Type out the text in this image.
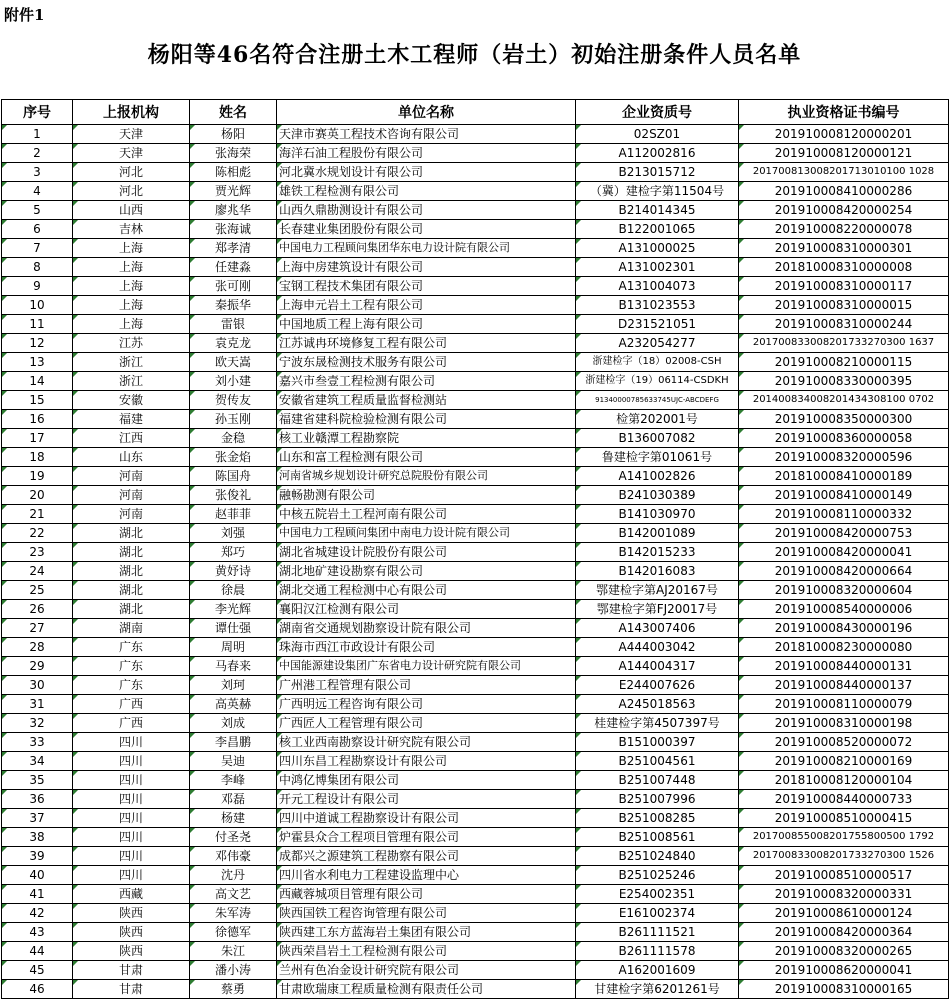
附件1
杨阳等46名符合注册土木工程师（岩土）初始注册条件人员名单
序号	上报机构	姓名	单位名称	企业资质号	执业资格证书编号
1	天津	杨阳	天津市赛英工程技术咨询有限公司	02SZ01	201910008120000201
2	天津	张海荣	海洋石油工程股份有限公司	A112002816	201910008120000121
3	河北	陈相彪	河北冀水规划设计有限公司	B213015712	201700813008201713010100 1028
4	河北	贾光辉	雄铁工程检测有限公司	（冀）建检字第11504号	201910008410000286
5	山西	廖兆华	山西久鼎勘测设计有限公司	B214014345	201910008420000254
6	吉林	张海诚	长春建业集团股份有限公司	B122001065	201910008220000078
7	上海	郑孝清	中国电力工程顾问集团华东电力设计院有限公司	A131000025	201910008310000301
8	上海	任建淼	上海中房建筑设计有限公司	A131002301	201810008310000008
9	上海	张可刚	宝钢工程技术集团有限公司	A131004073	201910008310000117
10	上海	秦振华	上海申元岩土工程有限公司	B131023553	201910008310000015
11	上海	雷银	中国地质工程上海有限公司	D231521051	201910008310000244
12	江苏	袁克龙	江苏诚冉环境修复工程有限公司	A232054277	201700833008201733270300 1637
13	浙江	欧天嵩	宁波东晟检测技术服务有限公司	浙建检字（18）02008-CSH	201910008210000115
14	浙江	刘小建	嘉兴市叁壹工程检测有限公司	浙建检字（19）06114-CSDKH	201910008330000395
15	安徽	贺传友	安徽省建筑工程质量监督检测站	91340000785633745UJC-ABCDEFG	201400834008201434308100 0702
16	福建	孙玉刚	福建省建科院检验检测有限公司	检第202001号	201910008350000300
17	江西	金稳	核工业赣潭工程勘察院	B136007082	201910008360000058
18	山东	张金焰	山东和富工程检测有限公司	鲁建检字第01061号	201910008320000596
19	河南	陈国舟	河南省城乡规划设计研究总院股份有限公司	A141002826	201810008410000189
20	河南	张俊礼	融畅勘测有限公司	B241030389	201910008410000149
21	河南	赵菲菲	中核五院岩土工程河南有限公司	B141030970	201910008110000332
22	湖北	刘强	中国电力工程顾问集团中南电力设计院有限公司	B142001089	201910008420000753
23	湖北	郑巧	湖北省城建设计院股份有限公司	B142015233	201910008420000041
24	湖北	黄妤诗	湖北地矿建设勘察有限公司	B142016083	201910008420000664
25	湖北	徐晨	湖北交通工程检测中心有限公司	鄂建检字第AJ20167号	201910008320000604
26	湖北	李光辉	襄阳汉江检测有限公司	鄂建检字第FJ20017号	201910008540000006
27	湖南	谭仕强	湖南省交通规划勘察设计院有限公司	A143007406	201910008430000196
28	广东	周明	珠海市西江市政设计有限公司	A444003042	201810008230000080
29	广东	马春来	中国能源建设集团广东省电力设计研究院有限公司	A144004317	201910008440000131
30	广东	刘珂	广州港工程管理有限公司	E244007626	201910008440000137
31	广西	高英赫	广西明远工程咨询有限公司	A245018563	201910008110000079
32	广西	刘成	广西匠人工程管理有限公司	桂建检字第4507397号	201910008310000198
33	四川	李昌鹏	核工业西南勘察设计研究院有限公司	B151000397	201910008520000072
34	四川	吴迪	四川东昌工程勘察设计有限公司	B251004561	201910008210000169
35	四川	李峰	中鸿亿博集团有限公司	B251007448	201810008120000104
36	四川	邓磊	开元工程设计有限公司	B251007996	201910008440000733
37	四川	杨建	四川中道诚工程勘察设计有限公司	B251008285	201910008510000415
38	四川	付圣尧	炉霍县众合工程项目管理有限公司	B251008561	201700855008201755800500 1792
39	四川	邓伟豪	成都兴之源建筑工程勘察有限公司	B251024840	201700833008201733270300 1526
40	四川	沈丹	四川省水利电力工程建设监理中心	B251025246	201910008510000517
41	西藏	高文艺	西藏蓉城项目管理有限公司	E254002351	201910008320000331
42	陕西	朱军涛	陕西国铁工程咨询管理有限公司	E161002374	201910008610000124
43	陕西	徐德军	陕西建工东方蓝海岩土集团有限公司	B261111521	201910008420000364
44	陕西	朱江	陕西荣昌岩土工程检测有限公司	B261111578	201910008320000265
45	甘肃	潘小涛	兰州有色冶金设计研究院有限公司	A162001609	201910008620000041
46	甘肃	蔡勇	甘肃欧瑞康工程质量检测有限责任公司	甘建检字第6201261号	201910008310000165
